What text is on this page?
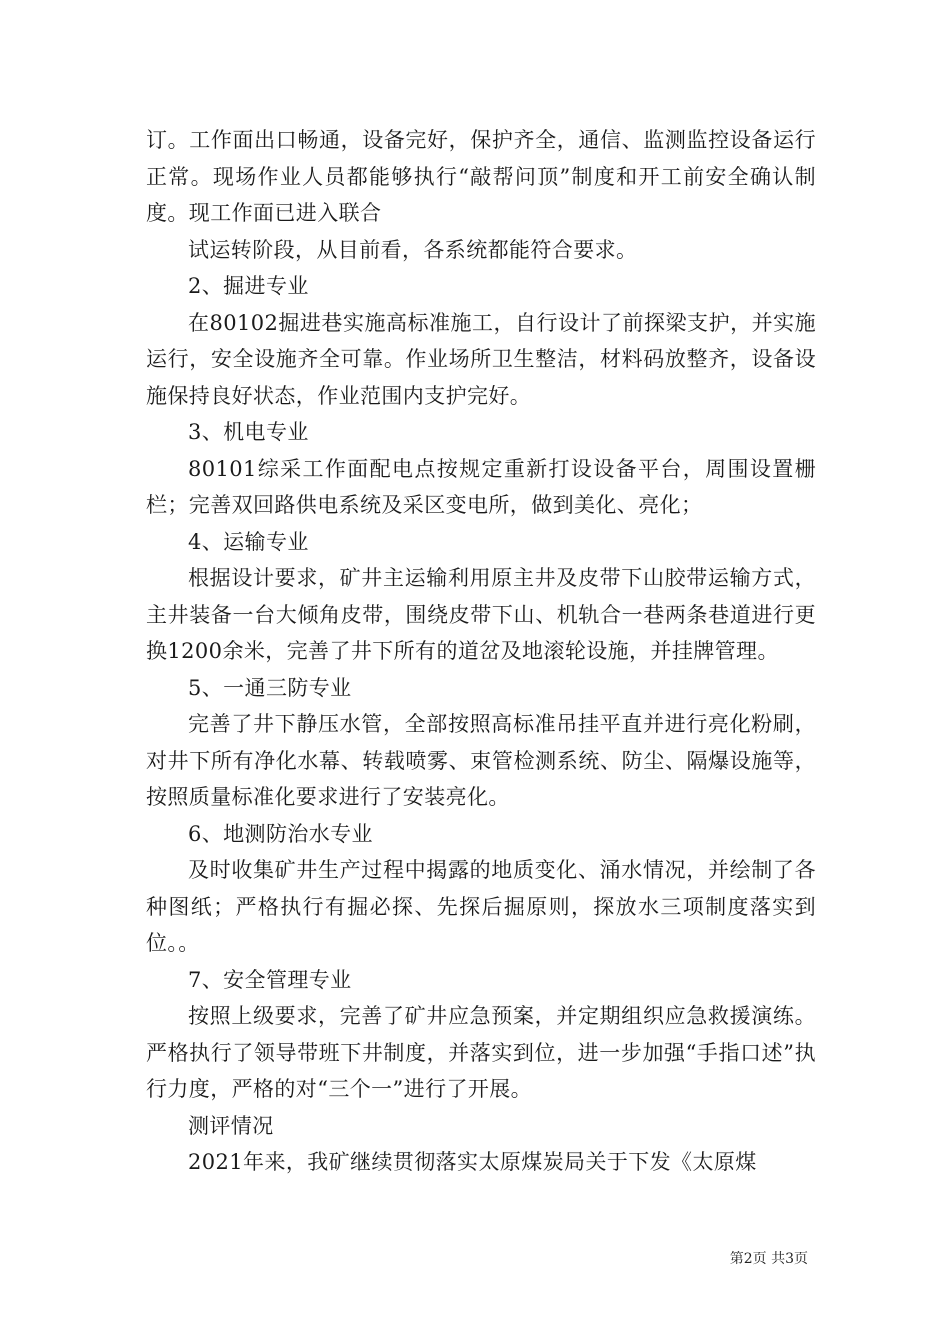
订。工作面出口畅通，设备完好，保护齐全，通信、监测监控设备运行正常。现场作业人员都能够执行“敲帮问顶”制度和开工前安全确认制度。现工作面已进入联合

试运转阶段，从目前看，各系统都能符合要求。

2、掘进专业

在80102掘进巷实施高标准施工，自行设计了前探梁支护，并实施运行，安全设施齐全可靠。作业场所卫生整洁，材料码放整齐，设备设施保持良好状态，作业范围内支护完好。

3、机电专业

80101综采工作面配电点按规定重新打设设备平台，周围设置栅栏；完善双回路供电系统及采区变电所，做到美化、亮化；

4、运输专业

根据设计要求，矿井主运输利用原主井及皮带下山胶带运输方式，主井装备一台大倾角皮带，围绕皮带下山、机轨合一巷两条巷道进行更换1200余米，完善了井下所有的道岔及地滚轮设施，并挂牌管理。

5、一通三防专业

完善了井下静压水管，全部按照高标准吊挂平直并进行亮化粉刷，对井下所有净化水幕、转载喷雾、束管检测系统、防尘、隔爆设施等，按照质量标准化要求进行了安装亮化。

6、地测防治水专业

及时收集矿井生产过程中揭露的地质变化、涌水情况，并绘制了各种图纸；严格执行有掘必探、先探后掘原则，探放水三项制度落实到位。。

7、安全管理专业

按照上级要求，完善了矿井应急预案，并定期组织应急救援演练。严格执行了领导带班下井制度，并落实到位，进一步加强“手指口述”执行力度，严格的对“三个一”进行了开展。

测评情况

2021年来，我矿继续贯彻落实太原煤炭局关于下发《太原煤

第2页 共3页
